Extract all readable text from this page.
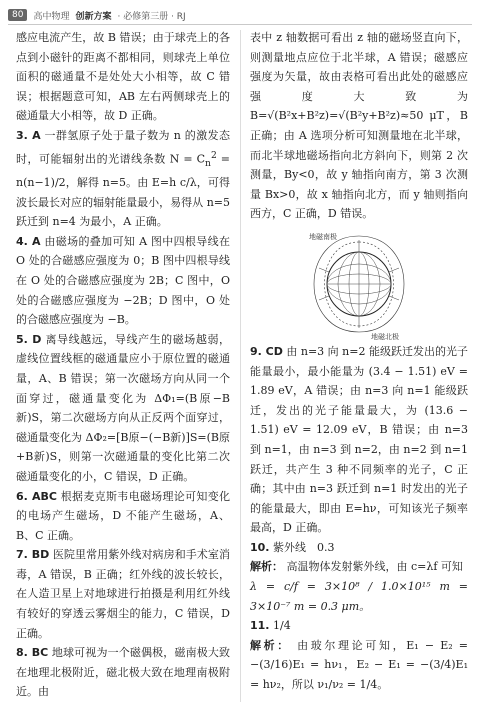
80	高中物理 创新方案 · 必修第三册 · RJ

感应电流产生，故 B 错误；由于球壳上的各点到小磁针的距离不都相同，则球壳上单位面积的磁通量不是处处大小相等，故 C 错误；根据题意可知，AB 左右两侧球壳上的磁通量大小相等，故 D 正确。

3. A 一群氢原子处于量子数为 n 的激发态时，可能辐射出的光谱线条数 $N = C_n^2 = n(n-1)/2$，解得 n=5。由 E=h c/λ，可得波长最长对应的辐射能量最小，易得从 n=5 跃迁到 n=4 为最小，A 正确。

4. A 由磁场的叠加可知 A 图中四根导线在 O 处的合磁感应强度为 0；B 图中四根导线在 O 处的合磁感应强度为 2B；C 图中，O 处的合磁感应强度为 −2B；D 图中，O 处的合磁感应强度为 −B。

5. D 离导线越远，导线产生的磁场越弱，虚线位置线框的磁通量应小于原位置的磁通量，A、B 错误；第一次磁场方向从同一个面穿过，磁通量变化为 ΔΦ₁=(B原−B新)S，第二次磁场方向从正反两个面穿过，磁通量变化为 ΔΦ₂=[B原−(−B新)]S=(B原+B新)S，则第一次磁通量的变化比第二次磁通量变化的小，C 错误，D 正确。

6. ABC 根据麦克斯韦电磁场理论可知变化的电场产生磁场，D 不能产生磁场，A、B、C 正确。

7. BD 医院里常用紫外线对病房和手术室消毒，A 错误，B 正确；红外线的波长较长，在人造卫星上对地球进行拍摄是利用红外线有较好的穿透云雾烟尘的能力，C 错误，D 正确。

8. BC 地球可视为一个磁偶极，磁南极大致在地理北极附近，磁北极大致在地理南极附近。由

表中 z 轴数据可看出 z 轴的磁场竖直向下，则测量地点应位于北半球，A 错误；磁感应强度为矢量，故由表格可看出此处的磁感应强度大致为 B=√(B²x+B²z)=√(B²y+B²z)≈50 μT，B 正确；由 A 选项分析可知测量地在北半球，而北半球地磁场指向北方斜向下，则第 2 次测量，By<0，故 y 轴指向南方，第 3 次测量 Bx>0，故 x 轴指向北方，而 y 轴则指向西方，C 正确，D 错误。

地磁南极
地磁北极

9. CD 由 n=3 向 n=2 能级跃迁发出的光子能量最小，最小能量为 (3.4 − 1.51) eV = 1.89 eV，A 错误；由 n=3 向 n=1 能级跃迁，发出的光子能量最大，为 (13.6 − 1.51) eV = 12.09 eV，B 错误；由 n=3 到 n=1，由 n=3 到 n=2，由 n=2 到 n=1 跃迁，共产生 3 种不同频率的光子，C 正确；其中由 n=3 跃迁到 n=1 时发出的光子的能量最大，即由 E=hν，可知该光子频率最高，D 正确。

10. 紫外线　0.3

解析： 高温物体发射紫外线，由 c=λf 可知

λ = c/f = 3×10⁸ / 1.0×10¹⁵ m = 3×10⁻⁷ m = 0.3 μm。

11. 1/4

解析： 由玻尔理论可知，E₁ − E₂ = −(3/16)E₁ = hν₁，E₂ − E₁ = −(3/4)E₁ = hν₂，所以 ν₁/ν₂ = 1/4。
